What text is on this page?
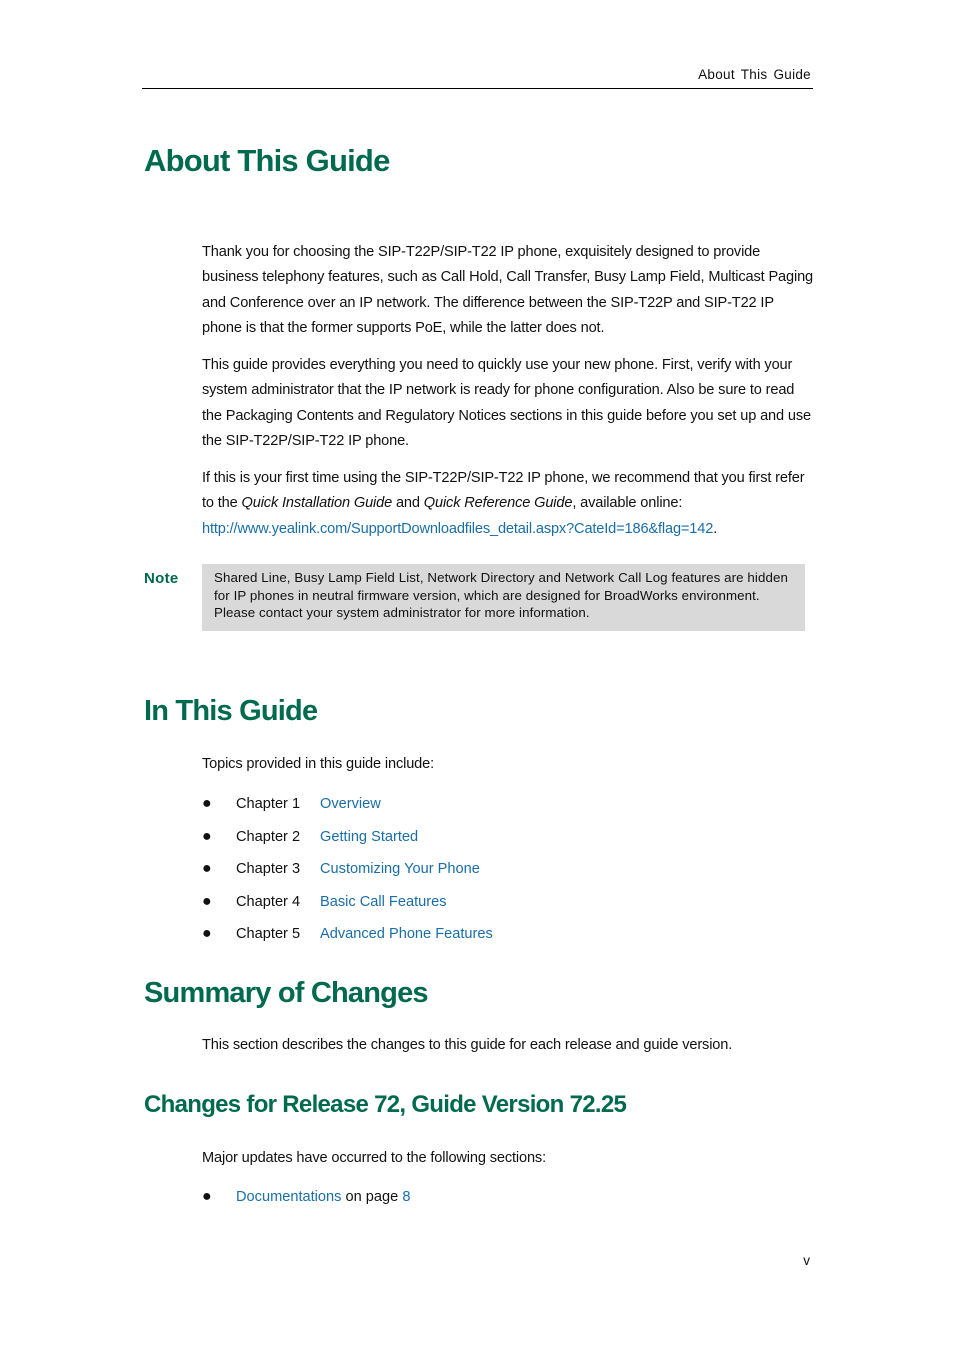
About This Guide
About This Guide

Thank you for choosing the SIP-T22P/SIP-T22 IP phone, exquisitely designed to provide business telephony features, such as Call Hold, Call Transfer, Busy Lamp Field, Multicast Paging and Conference over an IP network. The difference between the SIP-T22P and SIP-T22 IP phone is that the former supports PoE, while the latter does not.

This guide provides everything you need to quickly use your new phone. First, verify with your system administrator that the IP network is ready for phone configuration. Also be sure to read the Packaging Contents and Regulatory Notices sections in this guide before you set up and use the SIP-T22P/SIP-T22 IP phone.

If this is your first time using the SIP-T22P/SIP-T22 IP phone, we recommend that you first refer to the Quick Installation Guide and Quick Reference Guide, available online:
http://www.yealink.com/SupportDownloadfiles_detail.aspx?CateId=186&flag=142.

Note	Shared Line, Busy Lamp Field List, Network Directory and Network Call Log features are hidden for IP phones in neutral firmware version, which are designed for BroadWorks environment. Please contact your system administrator for more information.
In This Guide

Topics provided in this guide include:

● Chapter 1 Overview
● Chapter 2 Getting Started
● Chapter 3 Customizing Your Phone
● Chapter 4 Basic Call Features
● Chapter 5 Advanced Phone Features
Summary of Changes

This section describes the changes to this guide for each release and guide version.

Changes for Release 72, Guide Version 72.25

Major updates have occurred to the following sections:

● Documentations on page 8
v
